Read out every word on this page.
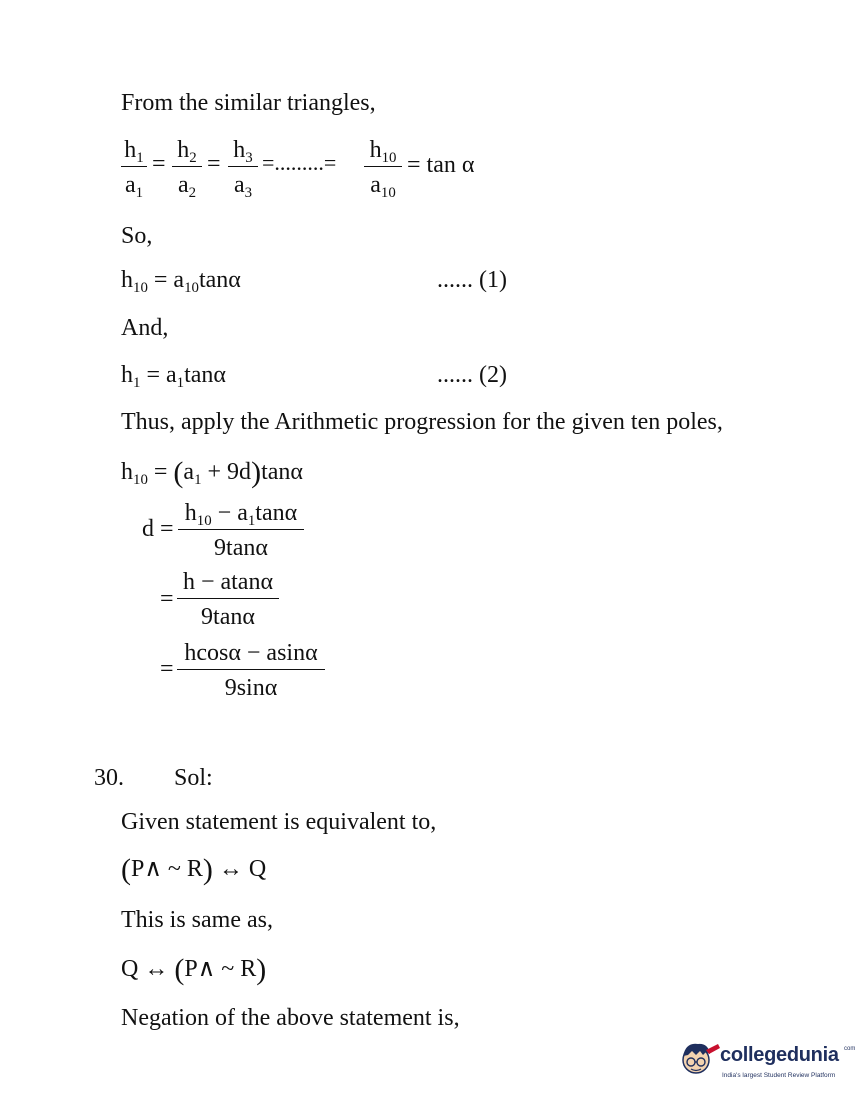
From the similar triangles,
$h_1$
$a_1$
=
$h_2$
$a_2$
=
$h_3$
$a_3$
=.........= $h_{10}$
$a_{10}$
= tan α
So,
$h_{10} = a_{10}\tan\alpha$	...... (1)
And,
$h_1 = a_1\tan\alpha$	...... (2)
Thus, apply the Arithmetic progression for the given ten poles,
$h_{10} = (a_1 + 9d)\tan\alpha$
d =
$h_{10} - a_1\tan\alpha$
9tanα
=
h − atanα
9tanα
=
hcosα − asinα
9sinα
30. Sol:
Given statement is equivalent to,
(P∧ ~ R) ↔ Q
This is same as,
Q ↔ (P∧ ~ R)
Negation of the above statement is,
collegedunia com
India's largest Student Review Platform
